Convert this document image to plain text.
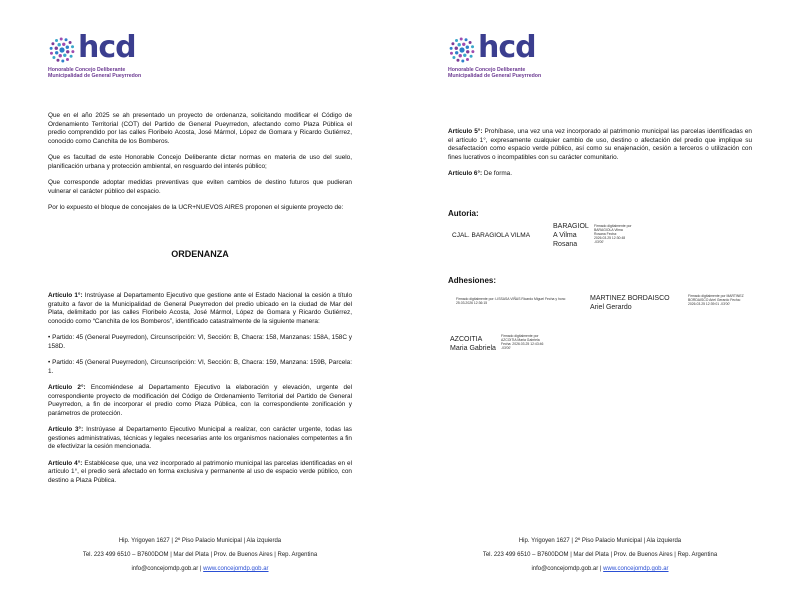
hcd
Honorable Concejo Deliberante
Municipalidad de General Pueyrredon

Que en el año 2025 se ah presentado un proyecto de ordenanza, solicitando modificar el Código de Ordenamiento Territorial (COT) del Partido de General Pueyrredon, afectando como Plaza Pública el predio comprendido por las calles Floribelo Acosta, José Mármol, López de Gomara y Ricardo Gutiérrez, conocido como Canchita de los Bomberos.

Que es facultad de este Honorable Concejo Deliberante dictar normas en materia de uso del suelo, planificación urbana y protección ambiental, en resguardo del interés público;

Que corresponde adoptar medidas preventivas que eviten cambios de destino futuros que pudieran vulnerar el carácter público del espacio.

Por lo expuesto el bloque de concejales de la UCR+NUEVOS AIRES proponen el siguiente proyecto de:

ORDENANZA

Artículo 1°: Instrúyase al Departamento Ejecutivo que gestione ante el Estado Nacional la cesión a título gratuito a favor de la Municipalidad de General Pueyrredon del predio ubicado en la ciudad de Mar del Plata, delimitado por las calles Floribelo Acosta, José Mármol, López de Gomara y Ricardo Gutiérrez, conocido como “Canchita de los Bomberos”, identificado catastralmente de la siguiente manera:

• Partido: 45 (General Pueyrredon), Circunscripción: VI, Sección: B, Chacra: 158, Manzanas: 158A, 158C y 158D.

• Partido: 45 (General Pueyrredon), Circunscripción: VI, Sección: B, Chacra: 159, Manzana: 159B, Parcela: 1.

Artículo 2°: Encomiéndese al Departamento Ejecutivo la elaboración y elevación, urgente del correspondiente proyecto de modificación del Código de Ordenamiento Territorial del Partido de General Pueyrredon, a fin de incorporar el predio como Plaza Pública, con la correspondiente zonificación y parámetros de protección.

Artículo 3°: Instrúyase al Departamento Ejecutivo Municipal a realizar, con carácter urgente, todas las gestiones administrativas, técnicas y legales necesarias ante los organismos nacionales competentes a fin de efectivizar la cesión mencionada.

Artículo 4°: Establécese que, una vez incorporado al patrimonio municipal las parcelas identificadas en el artículo 1°, el predio será afectado en forma exclusiva y permanente al uso de espacio verde público, con destino a Plaza Pública.

Hip. Yrigoyen 1627 | 2º Piso Palacio Municipal | Ala izquierda
Tel. 223 499 6510 – B7600DOM | Mar del Plata | Prov. de Buenos Aires | Rep. Argentina
info@concejomdp.gob.ar | www.concejomdp.gob.ar
hcd
Honorable Concejo Deliberante
Municipalidad de General Pueyrredon

Artículo 5°: Prohíbase, una vez una vez incorporado al patrimonio municipal las parcelas identificadas en el artículo 1°, expresamente cualquier cambio de uso, destino o afectación del predio que implique su desafectación como espacio verde público, así como su enajenación, cesión a terceros o utilización con fines lucrativos o incompatibles con su carácter comunitario.

Artículo 6°: De forma.

Autoria:
CJAL. BARAGIOLA VILMA
BARAGIOL
A Vilma
Rosana
Firmado digitalmente por BARAGIOLA Vilma Rosana Fecha: 2026.03.25 12:30:48 -03'00'
Adhesiones:
Firmado digitalmente por: LISSASA VIÑAS Ricardo Miguel Fecha y hora: 25.03.2026 12:36:15
MARTINEZ BORDAISCO
Ariel Gerardo
Firmado digitalmente por MARTINEZ BORDAISCO Ariel Gerardo Fecha: 2026.03.25 12:39:01 -03'00'
AZCOITIA
Maria Gabriela
Firmado digitalmente por AZCOITIA Maria Gabriela Fecha: 2026.03.25 12:43:46 -03'00'
Hip. Yrigoyen 1627 | 2º Piso Palacio Municipal | Ala izquierda
Tel. 223 499 6510 – B7600DOM | Mar del Plata | Prov. de Buenos Aires | Rep. Argentina
info@concejomdp.gob.ar | www.concejomdp.gob.ar
